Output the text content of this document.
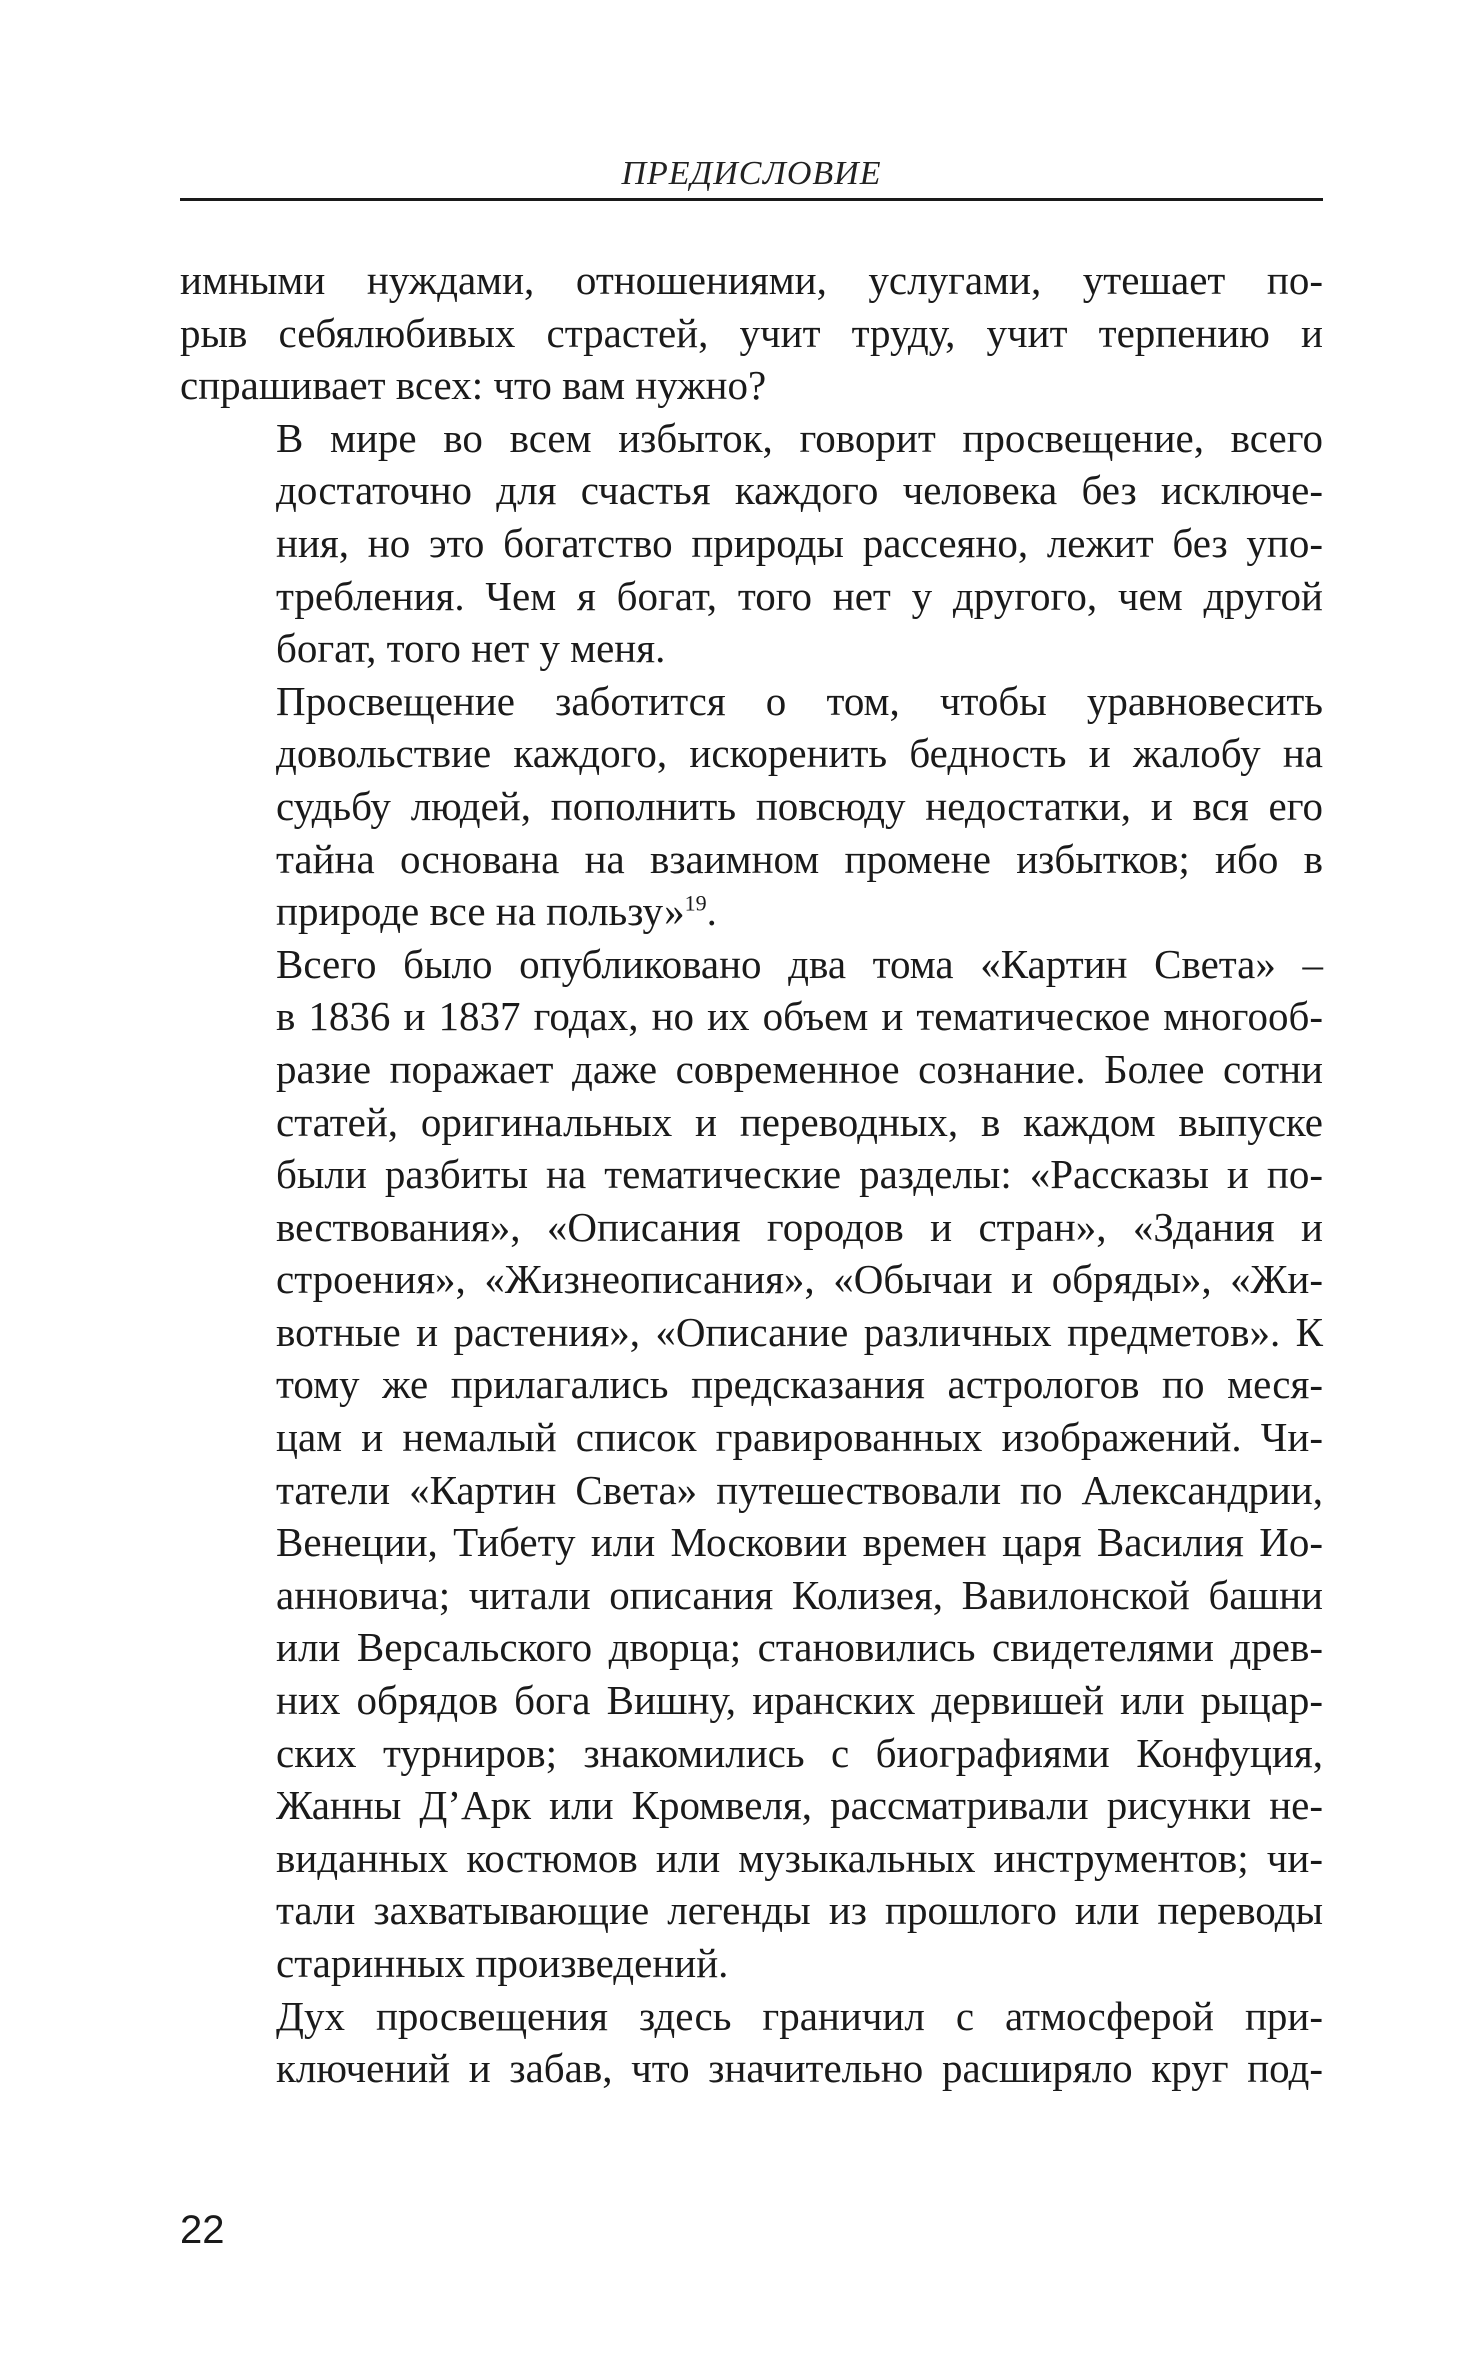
ПРЕДИСЛОВИЕ

имными нуждами, отношениями, услугами, утешает по-
рыв себялюбивых страстей, учит труду, учит терпению и
спрашивает всех: что вам нужно?

В мире во всем избыток, говорит просвещение, всего
достаточно для счастья каждого человека без исключе-
ния, но это богатство природы рассеяно, лежит без упо-
требления. Чем я богат, того нет у другого, чем другой
богат, того нет у меня.

Просвещение заботится о том, чтобы уравновесить
довольствие каждого, искоренить бедность и жалобу на
судьбу людей, пополнить повсюду недостатки, и вся его
тайна основана на взаимном промене избытков; ибо в
природе все на пользу»$^{19}$.

Всего было опубликовано два тома «Картин Света» –
в 1836 и 1837 годах, но их объем и тематическое многооб-
разие поражает даже современное сознание. Более сотни
статей, оригинальных и переводных, в каждом выпуске
были разбиты на тематические разделы: «Рассказы и по-
вествования», «Описания городов и стран», «Здания и
строения», «Жизнеописания», «Обычаи и обряды», «Жи-
вотные и растения», «Описание различных предметов». К
тому же прилагались предсказания астрологов по меся-
цам и немалый список гравированных изображений. Чи-
татели «Картин Света» путешествовали по Александрии,
Венеции, Тибету или Московии времен царя Василия Ио-
анновича; читали описания Колизея, Вавилонской башни
или Версальского дворца; становились свидетелями древ-
них обрядов бога Вишну, иранских дервишей или рыцар-
ских турниров; знакомились с биографиями Конфуция,
Жанны Д’Арк или Кромвеля, рассматривали рисунки не-
виданных костюмов или музыкальных инструментов; чи-
тали захватывающие легенды из прошлого или переводы
старинных произведений.

Дух просвещения здесь граничил с атмосферой при-
ключений и забав, что значительно расширяло круг под-

22
